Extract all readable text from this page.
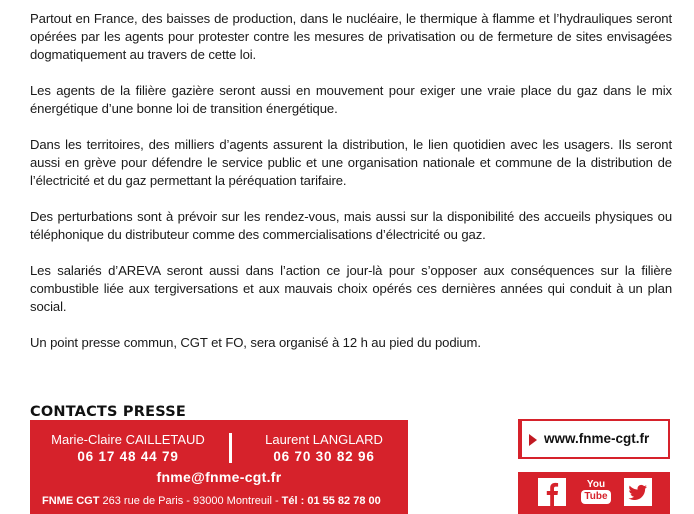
Partout en France, des baisses de production, dans le nucléaire, le thermique à flamme et l’hydrauliques seront opérées par les agents pour protester contre les mesures de privatisation ou de fermeture de sites envisagées dogmatiquement au travers de cette loi.

Les agents de la filière gazière seront aussi en mouvement pour exiger une vraie place du gaz dans le mix énergétique d’une bonne loi de transition énergétique.

Dans les territoires, des milliers d’agents assurent la distribution, le lien quotidien avec les usagers. Ils seront aussi en grève pour défendre le service public et une organisation nationale et commune de la distribution de l’électricité et du gaz permettant la péréquation tarifaire.

Des perturbations sont à prévoir sur les rendez-vous, mais aussi sur la disponibilité des accueils physiques ou téléphonique du distributeur comme des commercialisations d’électricité ou gaz.

Les salariés d’AREVA seront aussi dans l’action ce jour-là pour s’opposer aux conséquences sur la filière combustible liée aux tergiversations et aux mauvais choix opérés ces dernières années qui conduit à un plan social.

Un point presse commun, CGT et FO, sera organisé à 12 h au pied du podium.

CONTACTS PRESSE
Marie-Claire CAILLETAUD
06 17 48 44 79
Laurent LANGLARD
06 70 30 82 96
fnme@fnme-cgt.fr
FNME CGT 263 rue de Paris - 93000 Montreuil - Tél : 01 55 82 78 00
www.fnme-cgt.fr
You
Tube
